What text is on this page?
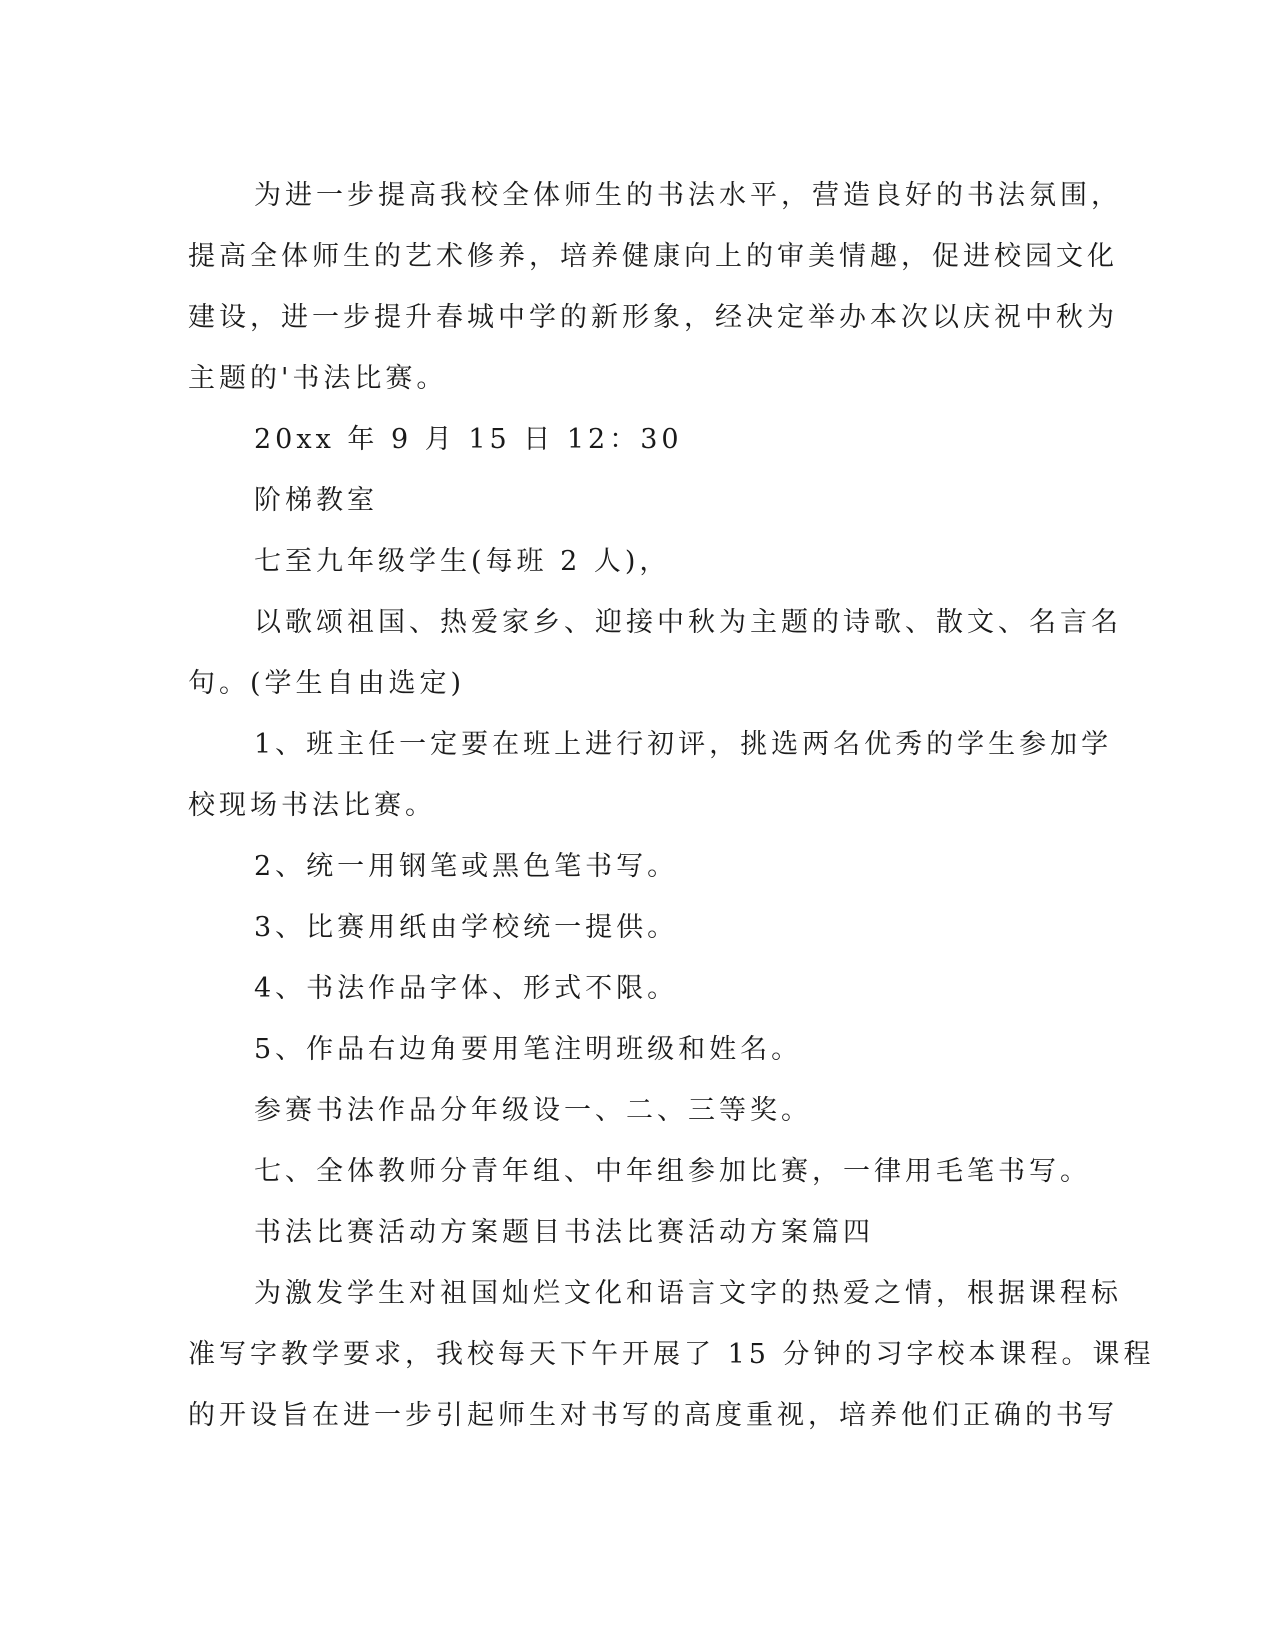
为进一步提高我校全体师生的书法水平，营造良好的书法氛围，
提高全体师生的艺术修养，培养健康向上的审美情趣，促进校园文化
建设，进一步提升春城中学的新形象，经决定举办本次以庆祝中秋为
主题的'书法比赛。
20xx 年 9 月 15 日 12：30
阶梯教室
七至九年级学生(每班 2 人)，
以歌颂祖国、热爱家乡、迎接中秋为主题的诗歌、散文、名言名
句。(学生自由选定)
1、班主任一定要在班上进行初评，挑选两名优秀的学生参加学
校现场书法比赛。
2、统一用钢笔或黑色笔书写。
3、比赛用纸由学校统一提供。
4、书法作品字体、形式不限。
5、作品右边角要用笔注明班级和姓名。
参赛书法作品分年级设一、二、三等奖。
七、全体教师分青年组、中年组参加比赛，一律用毛笔书写。
书法比赛活动方案题目书法比赛活动方案篇四
为激发学生对祖国灿烂文化和语言文字的热爱之情，根据课程标
准写字教学要求，我校每天下午开展了 15 分钟的习字校本课程。课程
的开设旨在进一步引起师生对书写的高度重视，培养他们正确的书写
